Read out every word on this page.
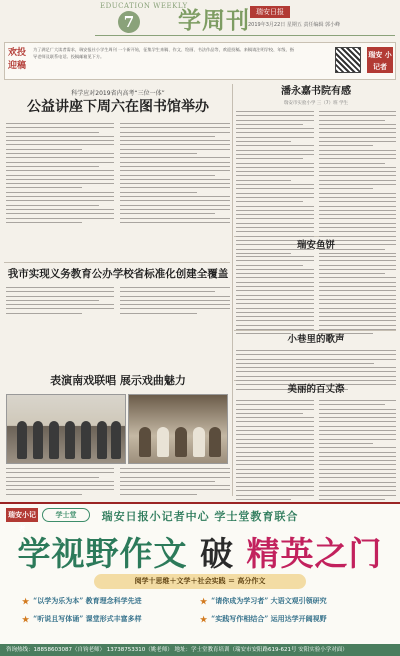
EDUCATION WEEKLY
7 学周刊 瑞安日报
2019年3月22日 星期五 责任编辑 郭小峰
欢投迎稿
为了满足广大读者需求，瑞安报社小学生周刊 一个新开始，征集学生来稿、作文、绘画、书法作品等，欢迎投稿。来稿请注明学校、年级、指导老师及联系电话。投稿邮箱见下方。	瑞安 小记者
科学应对2019省内高考“三位一体”
公益讲座下周六在图书馆举办
我市实现义务教育公办学校省标准化创建全覆盖
表演南戏联唱 展示戏曲魅力
潘永嘉书院有感
瑞安市实验小学 三（7）班 学生
瑞安鱼饼
小巷里的歌声
美丽的百丈漈
瑞安小记者
学士堂	瑞安日报小记者中心 学士堂教育联合
学视野作文 破 精英之门
阅学十思维＋文学＋社会实践 ＝ 高分作文
★ “以学为乐为本” 教育理念科学先进	★ “请你成为学习者” 大语文观引领研究
★ “听说且写体诵” 课堂形式丰富多样	★ “实践写作相结合” 运用达学开阔视野
咨询热线：18858603087（自钧老师） 13738753310（姚老师） 地址：学士堂教育培训（瑞安市安阳路619-621号 安阳实验小学对面）
